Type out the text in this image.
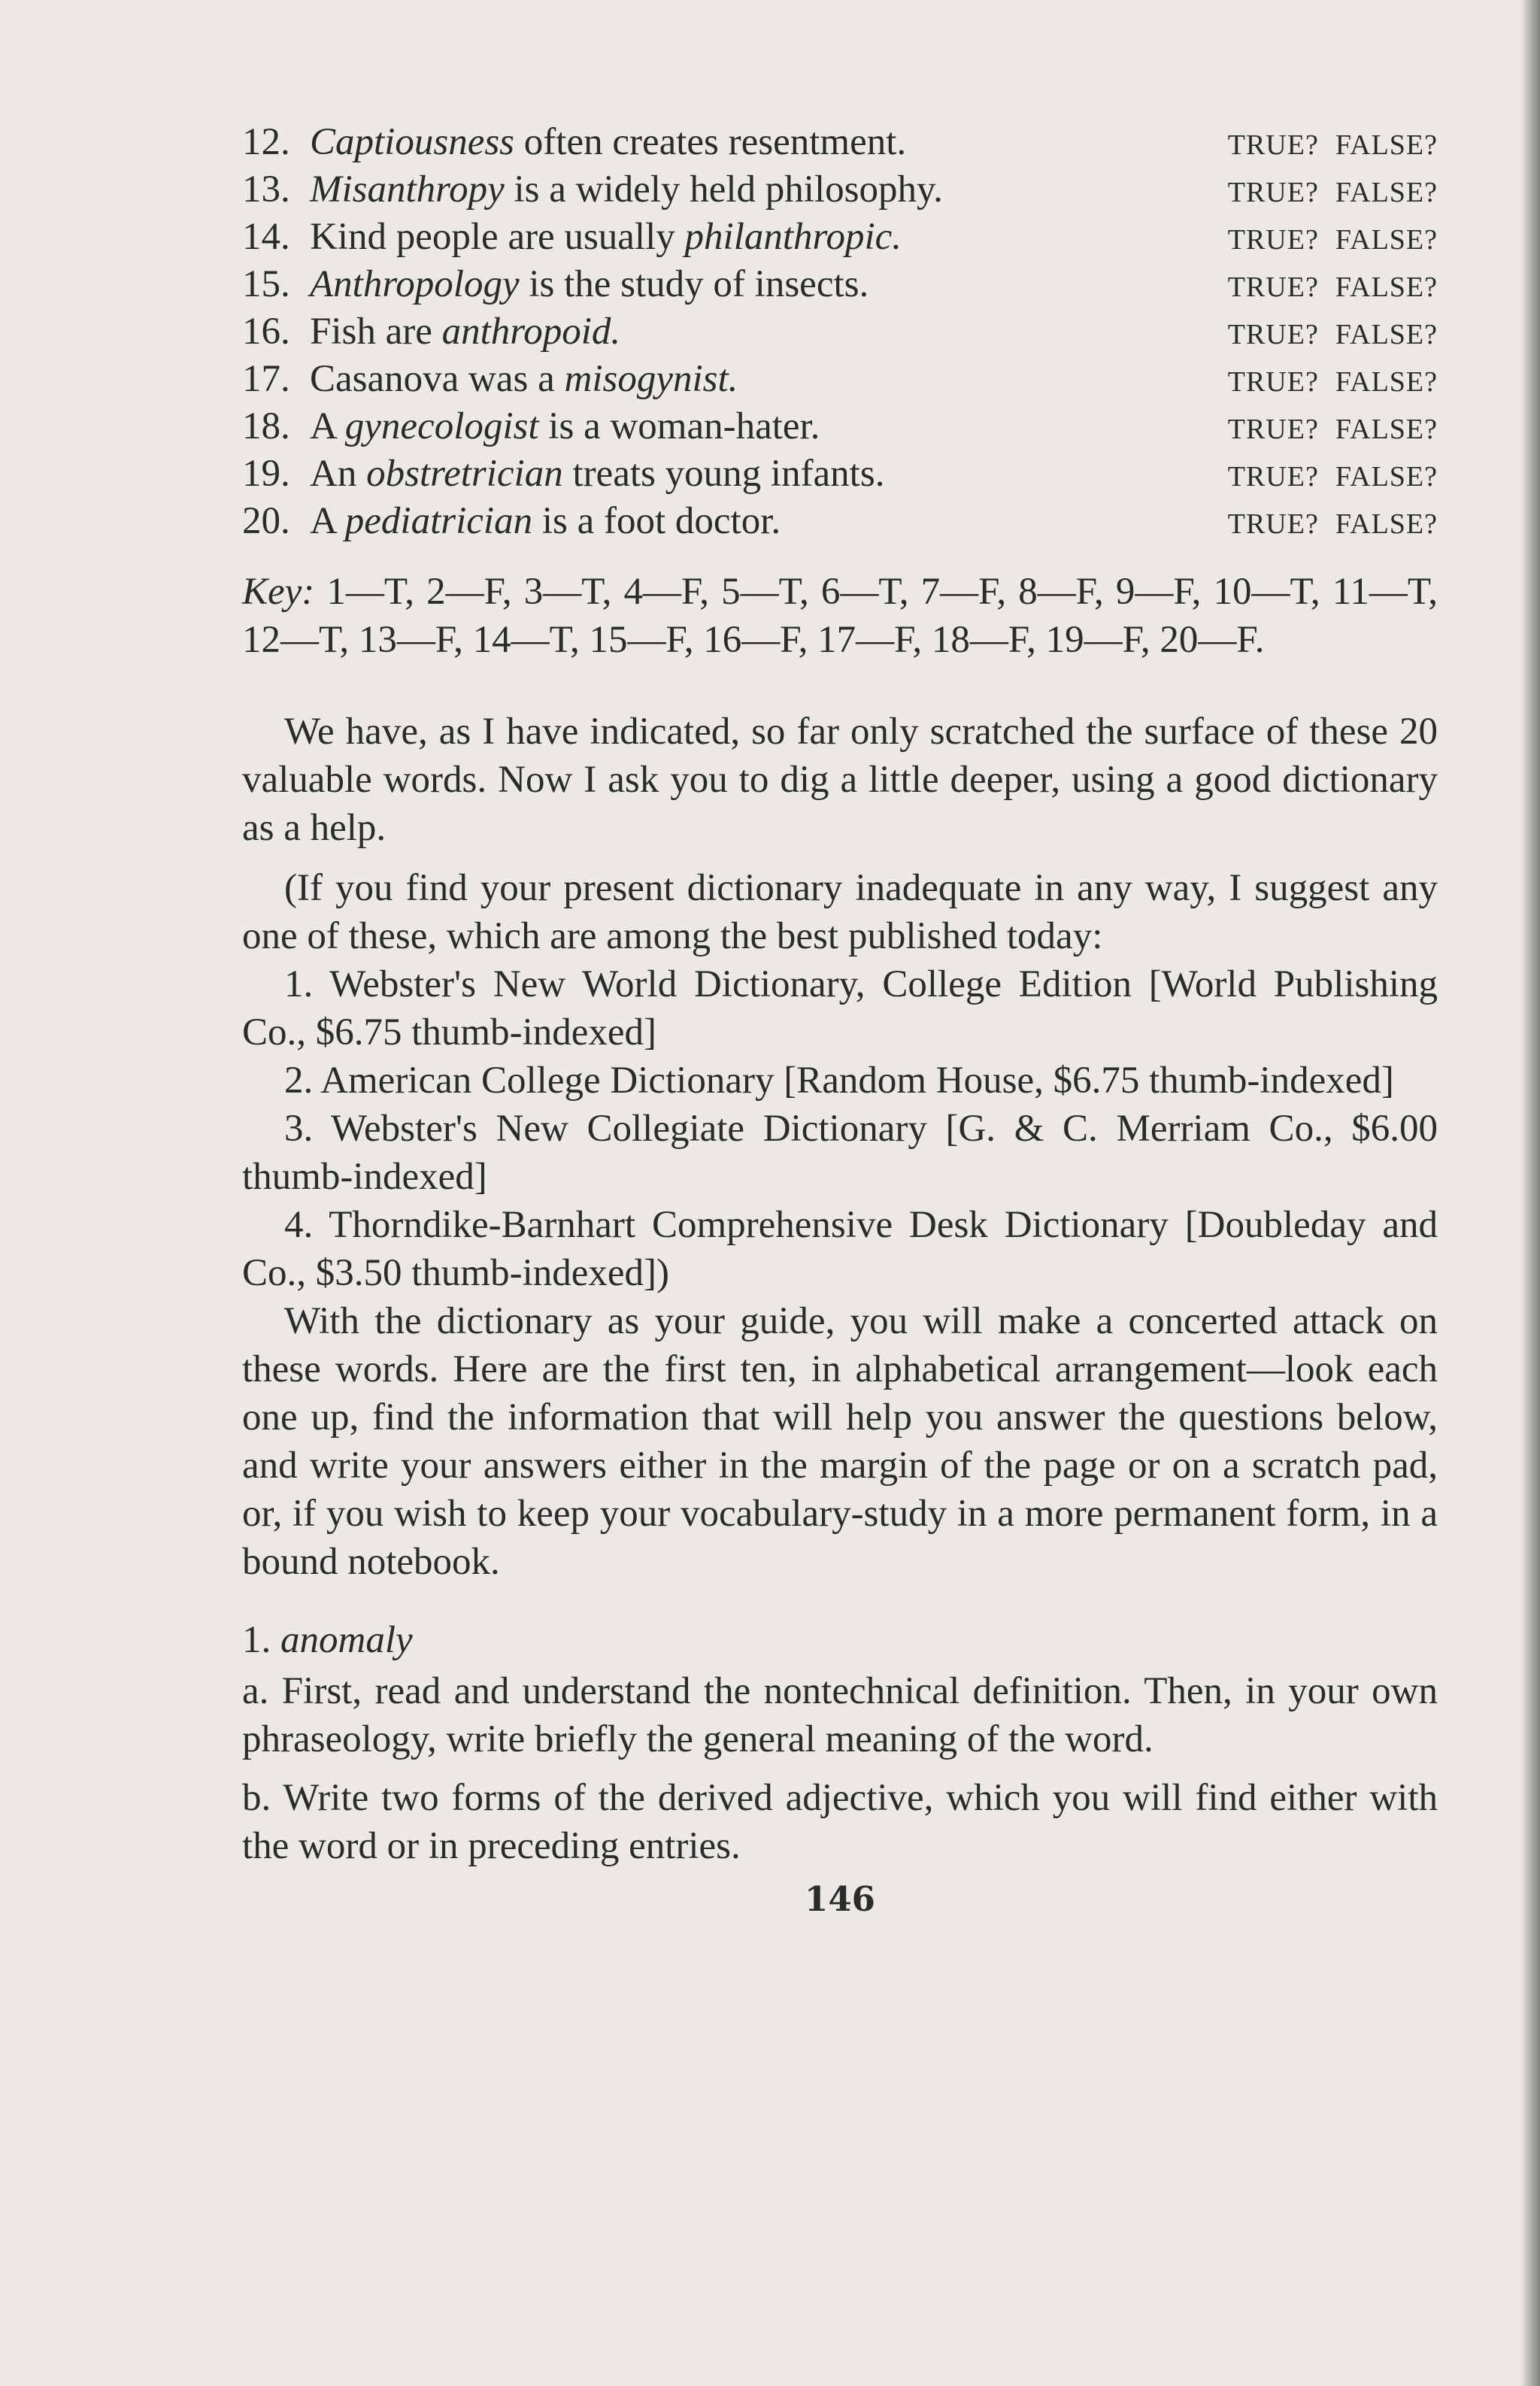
12. Captiousness often creates resentment.	TRUE? FALSE?
13. Misanthropy is a widely held philosophy.	TRUE? FALSE?
14. Kind people are usually philanthropic.	TRUE? FALSE?
15. Anthropology is the study of insects.	TRUE? FALSE?
16. Fish are anthropoid.	TRUE? FALSE?
17. Casanova was a misogynist.	TRUE? FALSE?
18. A gynecologist is a woman-hater.	TRUE? FALSE?
19. An obstretrician treats young infants.	TRUE? FALSE?
20. A pediatrician is a foot doctor.	TRUE? FALSE?
Key: 1—T, 2—F, 3—T, 4—F, 5—T, 6—T, 7—F, 8—F, 9—F, 10—T, 11—T, 12—T, 13—F, 14—T, 15—F, 16—F, 17—F, 18—F, 19—F, 20—F.

We have, as I have indicated, so far only scratched the surface of these 20 valuable words. Now I ask you to dig a little deeper, using a good dictionary as a help.

(If you find your present dictionary inadequate in any way, I suggest any one of these, which are among the best published today:

1. Webster's New World Dictionary, College Edition [World Publishing Co., $6.75 thumb-indexed]
2. American College Dictionary [Random House, $6.75 thumb-indexed]
3. Webster's New Collegiate Dictionary [G. & C. Merriam Co., $6.00 thumb-indexed]
4. Thorndike-Barnhart Comprehensive Desk Dictionary [Doubleday and Co., $3.50 thumb-indexed])

With the dictionary as your guide, you will make a concerted attack on these words. Here are the first ten, in alphabetical arrangement—look each one up, find the information that will help you answer the questions below, and write your answers either in the margin of the page or on a scratch pad, or, if you wish to keep your vocabulary-study in a more permanent form, in a bound notebook.

1. anomaly
a. First, read and understand the nontechnical definition. Then, in your own phraseology, write briefly the general meaning of the word.
b. Write two forms of the derived adjective, which you will find either with the word or in preceding entries.
146
